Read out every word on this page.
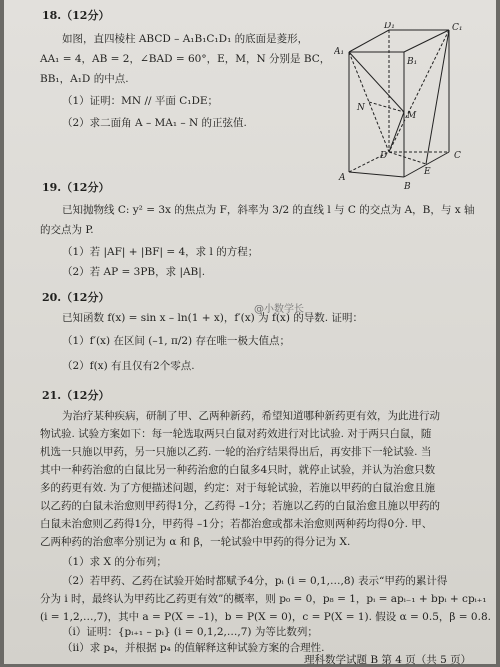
18.（12分）
如图，直四棱柱 ABCD – A₁B₁C₁D₁ 的底面是菱形，
AA₁ = 4，AB = 2，∠BAD = 60°，E，M，N 分别是 BC，
BB₁，A₁D 的中点.
（1）证明：MN // 平面 C₁DE；
（2）求二面角 A – MA₁ – N 的正弦值.
A₁
D₁	C₁
B₁
N
M
D
A
B
E
C
19.（12分）
已知抛物线 C: y² = 3x 的焦点为 F，斜率为 3/2 的直线 l 与 C 的交点为 A，B，与 x 轴
的交点为 P.
（1）若 |AF| + |BF| = 4，求 l 的方程；
（2）若 AP = 3PB，求 |AB|.
20.（12分）
已知函数 f(x) = sin x – ln(1 + x)，f′(x) 为 f(x) 的导数. 证明：
（1）f′(x) 在区间 (–1, π/2) 存在唯一极大值点；
（2）f(x) 有且仅有2个零点.
@小数学长
21.（12分）
为治疗某种疾病，研制了甲、乙两种新药，希望知道哪种新药更有效，为此进行动
物试验. 试验方案如下：每一轮选取两只白鼠对药效进行对比试验. 对于两只白鼠，随
机选一只施以甲药，另一只施以乙药. 一轮的治疗结果得出后，再安排下一轮试验. 当
其中一种药治愈的白鼠比另一种药治愈的白鼠多4只时，就停止试验，并认为治愈只数
多的药更有效. 为了方便描述问题，约定：对于每轮试验，若施以甲药的白鼠治愈且施
以乙药的白鼠未治愈则甲药得1分，乙药得 –1分；若施以乙药的白鼠治愈且施以甲药的
白鼠未治愈则乙药得1分，甲药得 –1分；若都治愈或都未治愈则两种药均得0分. 甲、
乙两种药的治愈率分别记为 α 和 β，一轮试验中甲药的得分记为 X.
（1）求 X 的分布列；
（2）若甲药、乙药在试验开始时都赋予4分，pᵢ (i = 0,1,…,8) 表示“甲药的累计得
分为 i 时，最终认为甲药比乙药更有效”的概率，则 p₀ = 0，p₈ = 1，pᵢ = apᵢ₋₁ + bpᵢ + cpᵢ₊₁
(i = 1,2,…,7)，其中 a = P(X = –1)，b = P(X = 0)，c = P(X = 1). 假设 α = 0.5，β = 0.8.
（i）证明：{pᵢ₊₁ – pᵢ} (i = 0,1,2,…,7) 为等比数列；
（ii）求 p₄，并根据 p₄ 的值解释这种试验方案的合理性.
理科数学试题 B 第 4 页（共 5 页）
